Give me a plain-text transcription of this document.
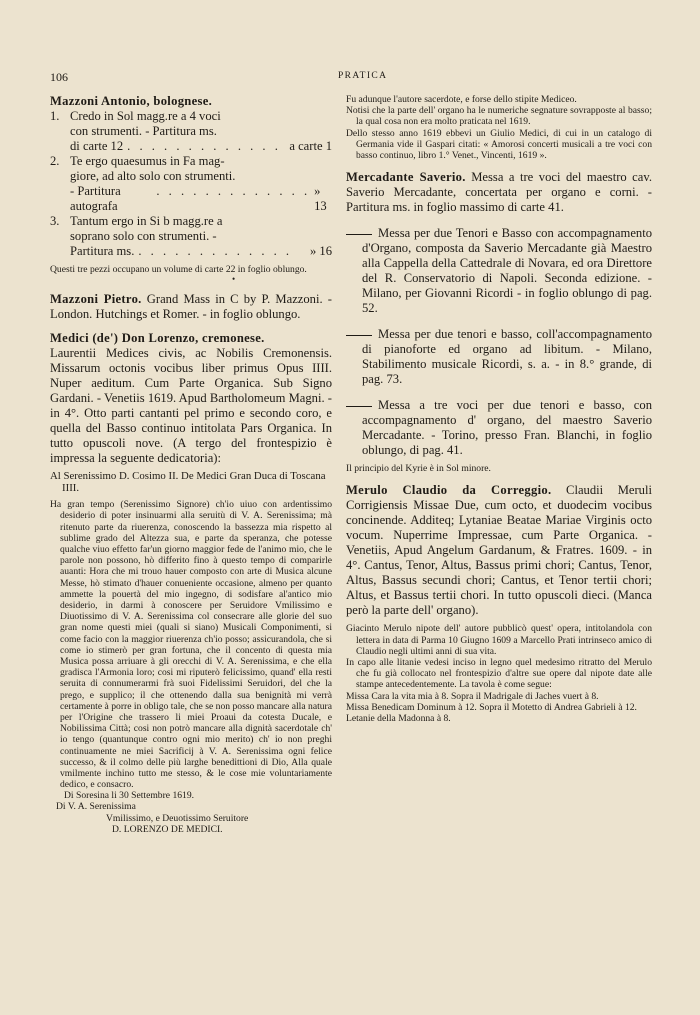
106	PRATICA

Mazzoni Antonio, bolognese.

1. Credo in Sol magg.re a 4 voci
con strumenti. - Partitura ms.
di carte 12 . . . . . . . . . . . . . a carte 1
2. Te ergo quaesumus in Fa mag-
giore, ad alto solo con strumenti.
- Partitura autografa
. . . . . . . . . . . . . » 13
3. Tantum ergo in Si b magg.re a
soprano solo con strumenti. -
Partitura ms. . . . . . . . . . . . . .	» 16

Questi tre pezzi occupano un volume di carte 22 in foglio oblungo.

•

Mazzoni Pietro. Grand Mass in C by P. Mazzoni. - London. Hutchings et Romer. - in foglio oblungo.

Medici (de') Don Lorenzo, cremonese.

Laurentii Medices civis, ac Nobilis Cremonensis. Missarum octonis vocibus liber primus Opus IIII. Nuper aeditum. Cum Parte Organica. Sub Signo Gardani. - Venetiis 1619. Apud Bartholomeum Magni. - in 4°. Otto parti cantanti pel primo e secondo coro, e quella del Basso continuo intitolata Pars Organica. In tutto opuscoli nove. (A tergo del frontespizio è impressa la seguente dedicatoria):

Al Serenissimo D. Cosimo II. De Medici Gran Duca di Toscana IIII.

Ha gran tempo (Serenissimo Signore) ch'io uiuo con ardentissimo desiderio di poter insinuarmi alla seruitù di V. A. Serenissima; mà ritenuto parte da riuerenza, conoscendo la bassezza mia rispetto al sublime grado del Altezza sua, e parte da speranza, che potesse qualche viuo effetto far'un giorno maggior fede de l'animo mio, che le parole non possono, hò differito fino à questo tempo di comparirle auanti: Hora che mi trouo hauer composto con arte di Musica alcune Messe, hò stimato d'hauer conueniente occasione, almeno per quanto ammette la pouertà del mio ingegno, di sodisfare al'antico mio desiderio, in darmi à conoscere per Seruidore Vmilissimo e Diuotissimo di V. A. Serenissima col consecrare alle glorie del suo gran nome questi miei (quali si siano) Musicali Componimenti, si come facio con la maggior riuerenza ch'io posso; assicurandola, che si come io stimerò per gran fortuna, che il concento di questa mia Musica possa arriuare à gli orecchi di V. A. Serenissima, e che ella gradisca l'Armonia loro; cosi mi riputerò felicissimo, quand' ella resti seruita di connumerarmi frà suoi Fidelissimi Seruidori, del che la prego, e supplico; il che ottenendo dalla sua benignità mi verrà certamente à porre in obligo tale, che se non posso mancare alla natura per l'Origine che trassero li miei Proaui da cotesta Ducale, e Nobilissima Città; cosi non potrò mancare alla dignità sacerdotale ch' io tengo (quantunque contro ogni mio merito) ch' io non preghi continuamente ne miei Sacrificij à V. A. Serenissima ogni felice successo, & il colmo delle più larghe benedittioni di Dio, Alla quale vmilmente inchino tutto me stesso, & le cose mie voluntariamente dedico, e consacro.

Di Soresina li 30 Settembre 1619.

Di V. A. Serenissima

Vmilissimo, e Deuotissimo Seruitore

D. LORENZO DE MEDICI.

Fu adunque l'autore sacerdote, e forse dello stipite Mediceo.

Notisi che la parte dell' organo ha le numeriche segnature sovrapposte al basso; la qual cosa non era molto praticata nel 1619.

Dello stesso anno 1619 ebbevi un Giulio Medici, di cui in un catalogo di Germania vide il Gaspari citati: « Amorosi concerti musicali a tre voci con basso continuo, libro 1.° Venet., Vincenti, 1619 ».

Mercadante Saverio. Messa a tre voci del maestro cav. Saverio Mercadante, concertata per organo e corni. - Partitura ms. in foglio massimo di carte 41.

Messa per due Tenori e Basso con accompagnamento d'Organo, composta da Saverio Mercadante già Maestro alla Cappella della Cattedrale di Novara, ed ora Direttore del R. Conservatorio di Napoli. Seconda edizione. - Milano, per Giovanni Ricordi - in foglio oblungo di pag. 52.

Messa per due tenori e basso, coll'accompagnamento di pianoforte ed organo ad libitum. - Milano, Stabilimento musicale Ricordi, s. a. - in 8.° grande, di pag. 73.

Messa a tre voci per due tenori e basso, con accompagnamento d' organo, del maestro Saverio Mercadante. - Torino, presso Fran. Blanchi, in foglio oblungo, di pag. 41.

Il principio del Kyrie è in Sol minore.

Merulo Claudio da Correggio. Claudii Meruli Corrigiensis Missae Due, cum octo, et duodecim vocibus concinende. Additeq; Lytaniae Beatae Mariae Virginis octo vocum. Nuperrime Impressae, cum Parte Organica. - Venetiis, Apud Angelum Gardanum, & Fratres. 1609. - in 4°. Cantus, Tenor, Altus, Bassus primi chori; Cantus, Tenor, Altus, Bassus secundi chori; Cantus, et Tenor tertii chori; Altus, et Bassus tertii chori. In tutto opuscoli dieci. (Manca però la parte dell' organo).

Giacinto Merulo nipote dell' autore pubblicò quest' opera, intitolandola con lettera in data di Parma 10 Giugno 1609 a Marcello Prati intrinseco amico di Claudio negli ultimi anni di sua vita.

In capo alle litanie vedesi inciso in legno quel medesimo ritratto del Merulo che fu già collocato nel frontespizio d'altre sue opere dal nipote date alle stampe antecedentemente. La tavola è come segue:

Missa Cara la vita mia à 8. Sopra il Madrigale di Jaches vuert à 8.

Missa Benedicam Dominum à 12. Sopra il Motetto di Andrea Gabrieli à 12.

Letanie della Madonna à 8.
